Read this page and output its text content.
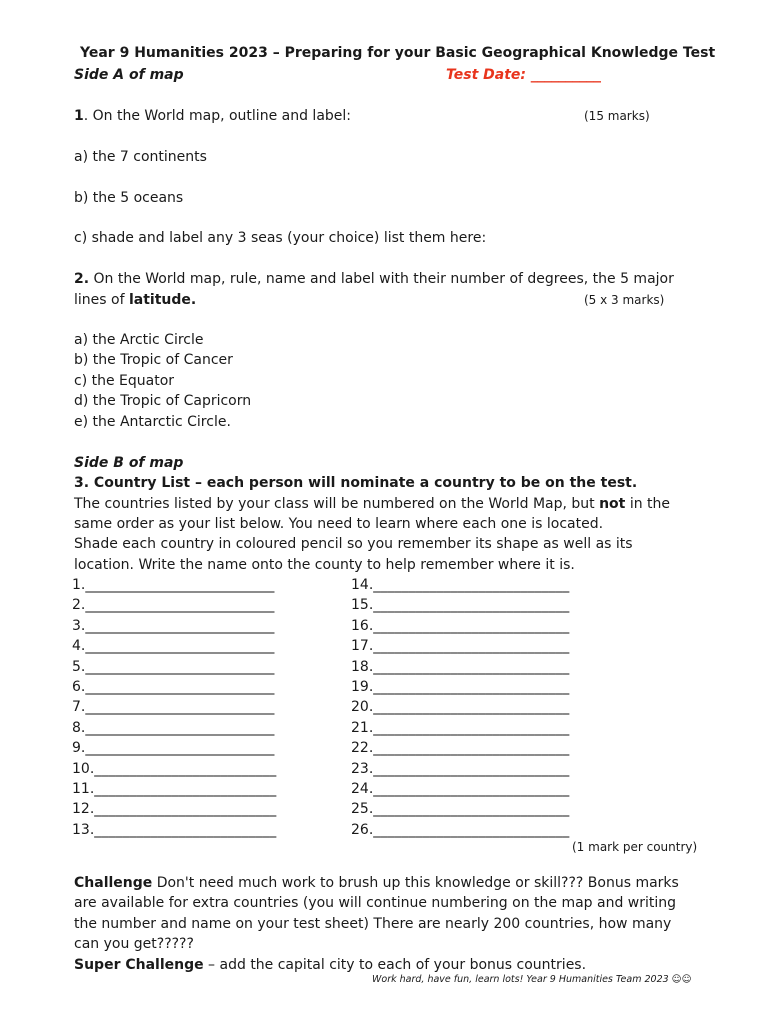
Year 9 Humanities 2023 – Preparing for your Basic Geographical Knowledge Test
Side A of map	Test Date: __________
1. On the World map, outline and label:	(15 marks)
a) the 7 continents
b) the 5 oceans
c) shade and label any 3 seas (your choice) list them here:
2. On the World map, rule, name and label with their number of degrees, the 5 major
lines of latitude.	(5 x 3 marks)
a) the Arctic Circle
b) the Tropic of Cancer
c) the Equator
d) the Tropic of Capricorn
e) the Antarctic Circle.
Side B of map
3. Country List – each person will nominate a country to be on the test.
The countries listed by your class will be numbered on the World Map, but not in the
same order as your list below. You need to learn where each one is located.
Shade each country in coloured pencil so you remember its shape as well as its
location. Write the name onto the county to help remember where it is.
1.___________________________
2.___________________________
3.___________________________
4.___________________________
5.___________________________
6.___________________________
7.___________________________
8.___________________________
9.___________________________
10.__________________________
11.__________________________
12.__________________________
13.__________________________
14.____________________________
15.____________________________
16.____________________________
17.____________________________
18.____________________________
19.____________________________
20.____________________________
21.____________________________
22.____________________________
23.____________________________
24.____________________________
25.____________________________
26.____________________________
(1 mark per country)
Challenge Don't need much work to brush up this knowledge or skill??? Bonus marks
are available for extra countries (you will continue numbering on the map and writing
the number and name on your test sheet) There are nearly 200 countries, how many
can you get?????
Super Challenge – add the capital city to each of your bonus countries.
Work hard, have fun, learn lots! Year 9 Humanities Team 2023 ☺☺
